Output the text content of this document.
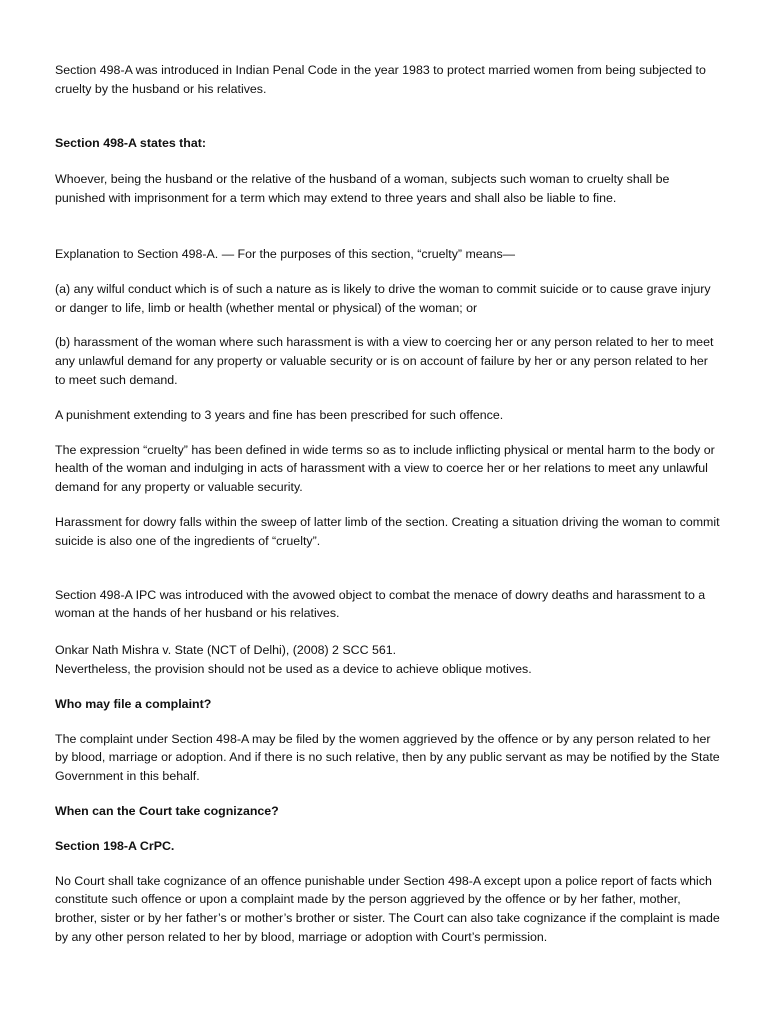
Section 498-A was introduced in Indian Penal Code in the year 1983 to protect married women from being subjected to cruelty by the husband or his relatives.

Section 498-A states that:

Whoever, being the husband or the relative of the husband of a woman, subjects such woman to cruelty shall be punished with imprisonment for a term which may extend to three years and shall also be liable to fine.

Explanation to Section 498-A. — For the purposes of this section, “cruelty” means—

(a) any wilful conduct which is of such a nature as is likely to drive the woman to commit suicide or to cause grave injury or danger to life, limb or health (whether mental or physical) of the woman; or

(b) harassment of the woman where such harassment is with a view to coercing her or any person related to her to meet any unlawful demand for any property or valuable security or is on account of failure by her or any person related to her to meet such demand.

A punishment extending to 3 years and fine has been prescribed for such offence.

The expression “cruelty” has been defined in wide terms so as to include inflicting physical or mental harm to the body or health of the woman and indulging in acts of harassment with a view to coerce her or her relations to meet any unlawful demand for any property or valuable security.

Harassment for dowry falls within the sweep of latter limb of the section. Creating a situation driving the woman to commit suicide is also one of the ingredients of “cruelty”.

Section 498-A IPC was introduced with the avowed object to combat the menace of dowry deaths and harassment to a woman at the hands of her husband or his relatives.

Onkar Nath Mishra v. State (NCT of Delhi), (2008) 2 SCC 561.

Nevertheless, the provision should not be used as a device to achieve oblique motives.

Who may file a complaint?

The complaint under Section 498-A may be filed by the women aggrieved by the offence or by any person related to her by blood, marriage or adoption. And if there is no such relative, then by any public servant as may be notified by the State Government in this behalf.

When can the Court take cognizance?

Section 198-A CrPC.

No Court shall take cognizance of an offence punishable under Section 498-A except upon a police report of facts which constitute such offence or upon a complaint made by the person aggrieved by the offence or by her father, mother, brother, sister or by her father’s or mother’s brother or sister. The Court can also take cognizance if the complaint is made by any other person related to her by blood, marriage or adoption with Court’s permission.
